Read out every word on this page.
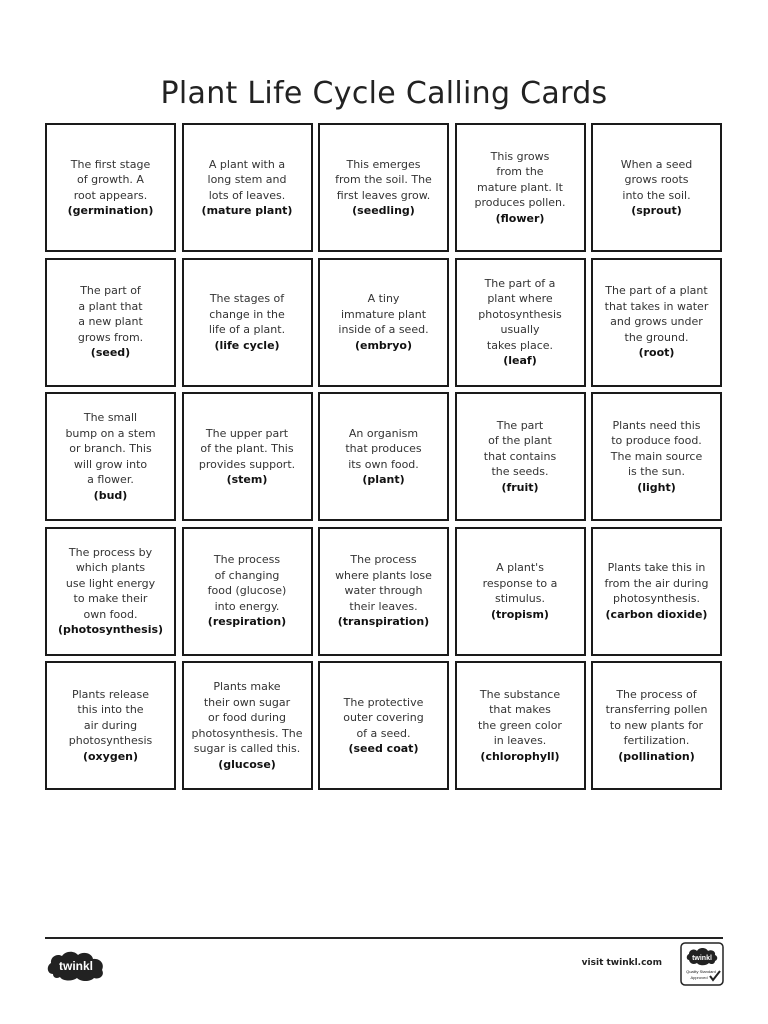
Plant Life Cycle Calling Cards
The first stage
of growth. A
root appears.
(germination)
A plant with a
long stem and
lots of leaves.
(mature plant)
This emerges
from the soil. The
first leaves grow.
(seedling)
This grows
from the
mature plant. It
produces pollen.
(flower)
When a seed
grows roots
into the soil.
(sprout)
The part of
a plant that
a new plant
grows from.
(seed)
The stages of
change in the
life of a plant.
(life cycle)
A tiny
immature plant
inside of a seed.
(embryo)
The part of a
plant where
photosynthesis
usually
takes place.
(leaf)
The part of a plant
that takes in water
and grows under
the ground.
(root)
The small
bump on a stem
or branch. This
will grow into
a flower.
(bud)
The upper part
of the plant. This
provides support.
(stem)
An organism
that produces
its own food.
(plant)
The part
of the plant
that contains
the seeds.
(fruit)
Plants need this
to produce food.
The main source
is the sun.
(light)
The process by
which plants
use light energy
to make their
own food.
(photosynthesis)
The process
of changing
food (glucose)
into energy.
(respiration)
The process
where plants lose
water through
their leaves.
(transpiration)
A plant's
response to a
stimulus.
(tropism)
Plants take this in
from the air during
photosynthesis.
(carbon dioxide)
Plants release
this into the
air during
photosynthesis
(oxygen)
Plants make
their own sugar
or food during
photosynthesis. The
sugar is called this.
(glucose)
The protective
outer covering
of a seed.
(seed coat)
The substance
that makes
the green color
in leaves.
(chlorophyll)
The process of
transferring pollen
to new plants for
fertilization.
(pollination)
twinkl	visit twinkl.com	twinkl
Quality Standard
Approved
